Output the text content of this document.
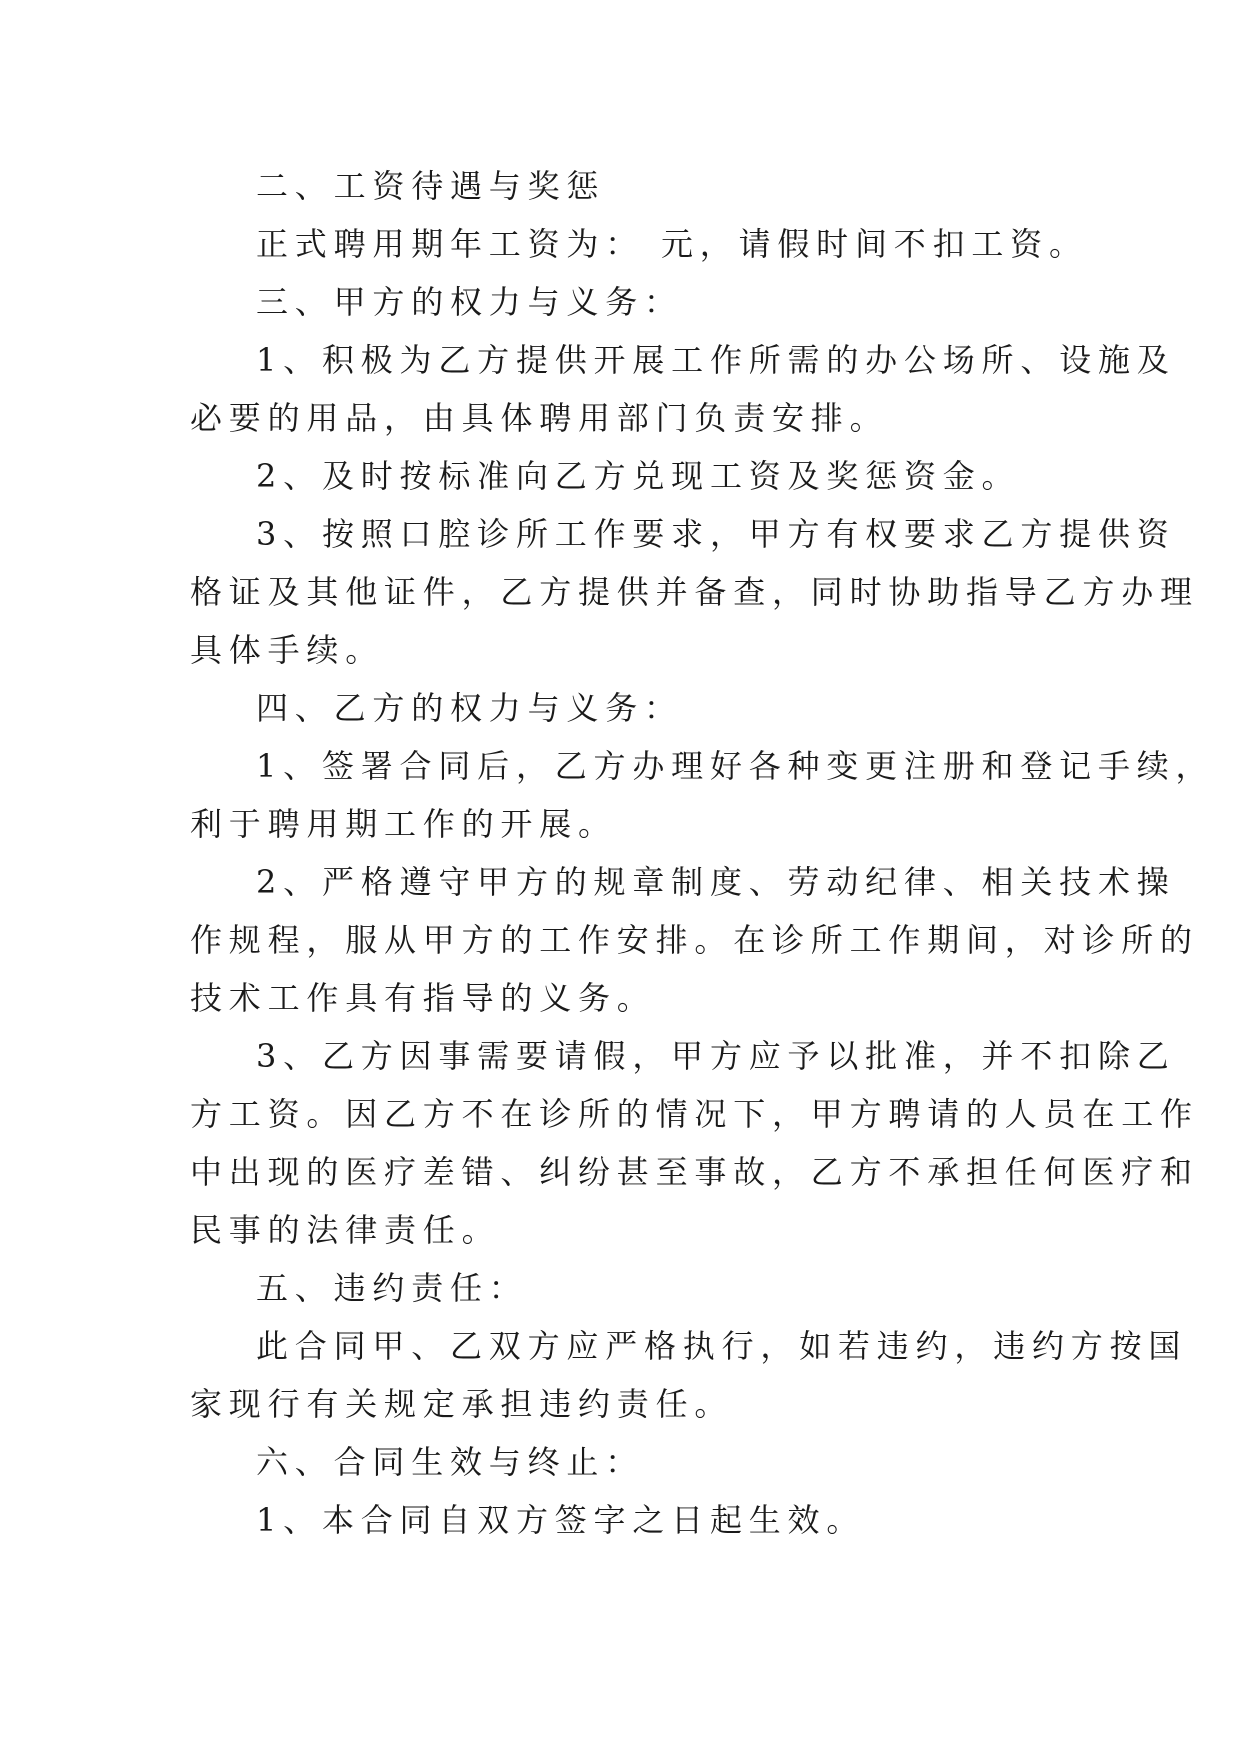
二、工资待遇与奖惩

正式聘用期年工资为： 元，请假时间不扣工资。

三、甲方的权力与义务：

1、积极为乙方提供开展工作所需的办公场所、设施及

必要的用品，由具体聘用部门负责安排。

2、及时按标准向乙方兑现工资及奖惩资金。

3、按照口腔诊所工作要求，甲方有权要求乙方提供资

格证及其他证件，乙方提供并备查，同时协助指导乙方办理

具体手续。

四、乙方的权力与义务：

1、签署合同后，乙方办理好各种变更注册和登记手续，

利于聘用期工作的开展。

2、严格遵守甲方的规章制度、劳动纪律、相关技术操

作规程，服从甲方的工作安排。在诊所工作期间，对诊所的

技术工作具有指导的义务。

3、乙方因事需要请假，甲方应予以批准，并不扣除乙

方工资。因乙方不在诊所的情况下，甲方聘请的人员在工作

中出现的医疗差错、纠纷甚至事故，乙方不承担任何医疗和

民事的法律责任。

五、违约责任：

此合同甲、乙双方应严格执行，如若违约，违约方按国

家现行有关规定承担违约责任。

六、合同生效与终止：

1、本合同自双方签字之日起生效。
